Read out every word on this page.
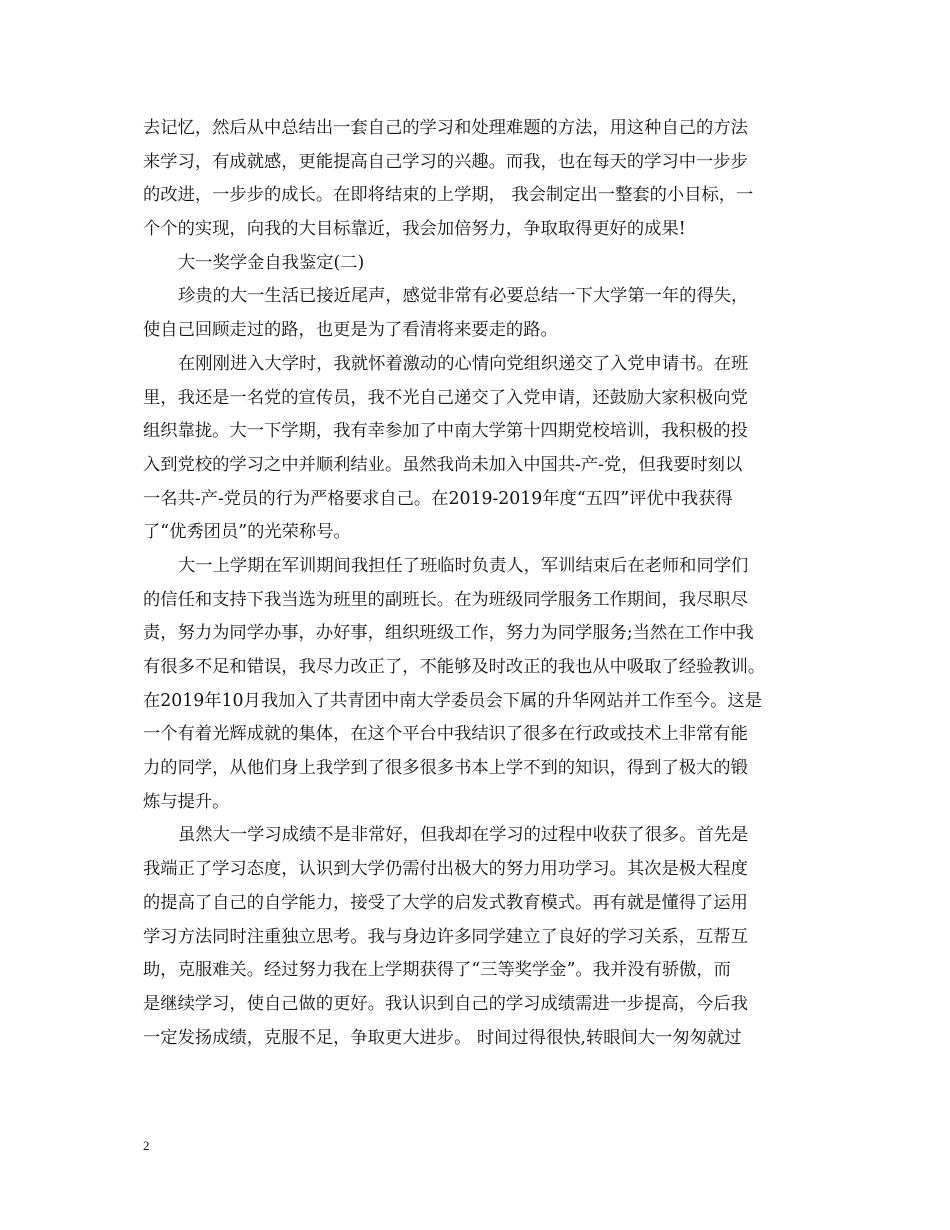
去记忆，然后从中总结出一套自己的学习和处理难题的方法，用这种自己的方法
来学习，有成就感，更能提高自己学习的兴趣。而我，也在每天的学习中一步步
的改进，一步步的成长。在即将结束的上学期， 我会制定出一整套的小目标，一
个个的实现，向我的大目标靠近，我会加倍努力，争取取得更好的成果!
大一奖学金自我鉴定(二)
珍贵的大一生活已接近尾声，感觉非常有必要总结一下大学第一年的得失，
使自己回顾走过的路，也更是为了看清将来要走的路。
在刚刚进入大学时，我就怀着激动的心情向党组织递交了入党申请书。在班
里，我还是一名党的宣传员，我不光自己递交了入党申请，还鼓励大家积极向党
组织靠拢。大一下学期，我有幸参加了中南大学第十四期党校培训，我积极的投
入到党校的学习之中并顺利结业。虽然我尚未加入中国共-产-党，但我要时刻以
一名共-产-党员的行为严格要求自己。在2019-2019年度“五四”评优中我获得
了“优秀团员”的光荣称号。
大一上学期在军训期间我担任了班临时负责人，军训结束后在老师和同学们
的信任和支持下我当选为班里的副班长。在为班级同学服务工作期间，我尽职尽
责，努力为同学办事，办好事，组织班级工作，努力为同学服务;当然在工作中我
有很多不足和错误，我尽力改正了，不能够及时改正的我也从中吸取了经验教训。
在2019年10月我加入了共青团中南大学委员会下属的升华网站并工作至今。这是
一个有着光辉成就的集体，在这个平台中我结识了很多在行政或技术上非常有能
力的同学，从他们身上我学到了很多很多书本上学不到的知识，得到了极大的锻
炼与提升。
虽然大一学习成绩不是非常好，但我却在学习的过程中收获了很多。首先是
我端正了学习态度，认识到大学仍需付出极大的努力用功学习。其次是极大程度
的提高了自己的自学能力，接受了大学的启发式教育模式。再有就是懂得了运用
学习方法同时注重独立思考。我与身边许多同学建立了良好的学习关系，互帮互
助，克服难关。经过努力我在上学期获得了“三等奖学金”。我并没有骄傲，而
是继续学习，使自己做的更好。我认识到自己的学习成绩需进一步提高，今后我
一定发扬成绩，克服不足，争取更大进步。 时间过得很快,转眼间大一匆匆就过
2
